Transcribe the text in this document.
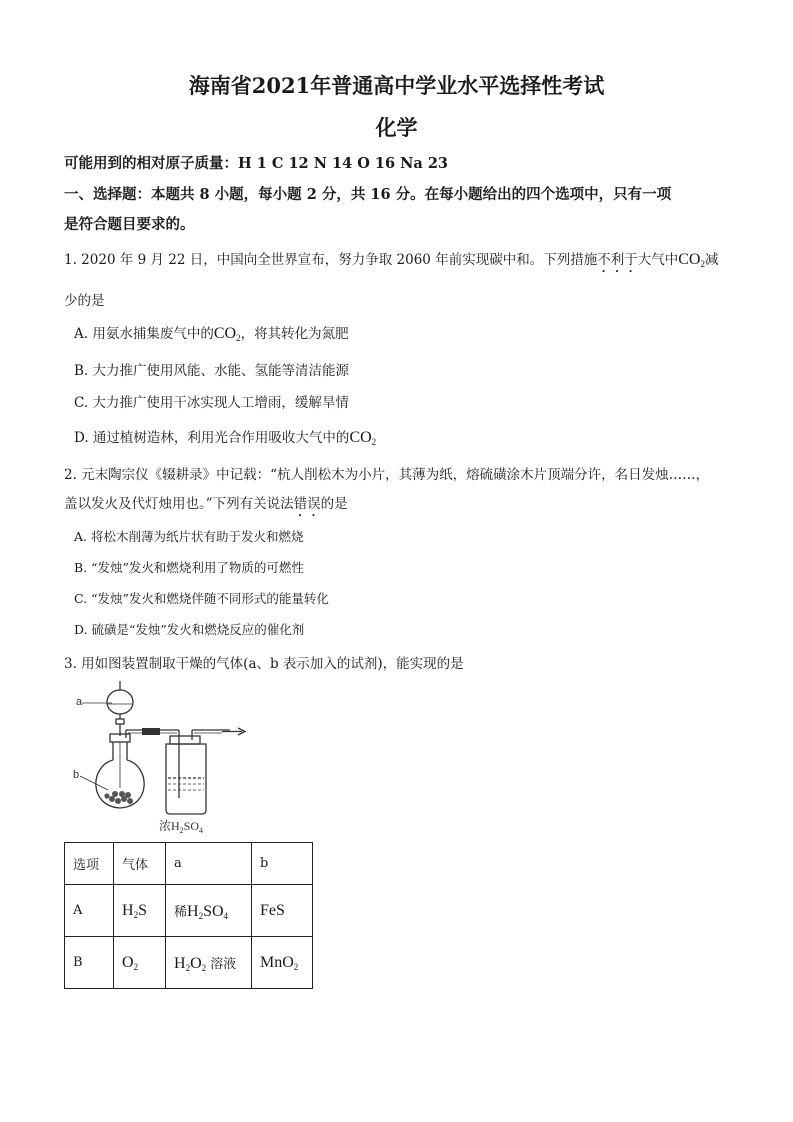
海南省2021年普通高中学业水平选择性考试
化学
可能用到的相对原子质量：H 1 C 12 N 14 O 16 Na 23
一、选择题：本题共 8 小题，每小题 2 分，共 16 分。在每小题给出的四个选项中，只有一项
是符合题目要求的。
1. 2020 年 9 月 22 日，中国向全世界宣布，努力争取 2060 年前实现碳中和。下列措施不利于大气中$CO_2$减
少的是
A. 用氨水捕集废气中的$CO_2$，将其转化为氮肥
B. 大力推广使用风能、水能、氢能等清洁能源
C. 大力推广使用干冰实现人工增雨，缓解旱情
D. 通过植树造林，利用光合作用吸收大气中的$CO_2$
2. 元末陶宗仪《辍耕录》中记载：“杭人削松木为小片，其薄为纸，熔硫磺涂木片顶端分许，名日发烛……，
盖以发火及代灯烛用也。”下列有关说法错误的是
A. 将松木削薄为纸片状有助于发火和燃烧
B. “发烛”发火和燃烧利用了物质的可燃性
C. “发烛”发火和燃烧伴随不同形式的能量转化
D. 硫磺是“发烛”发火和燃烧反应的催化剂
3. 用如图装置制取干燥的气体(a、b 表示加入的试剂)，能实现的是
a
b
浓$H_2SO_4$
选项	气体	a	b
A	$H_2S$	稀$H_2SO_4$	FeS
B	$O_2$	$H_2O_2$ 溶液	MnO$_2$
